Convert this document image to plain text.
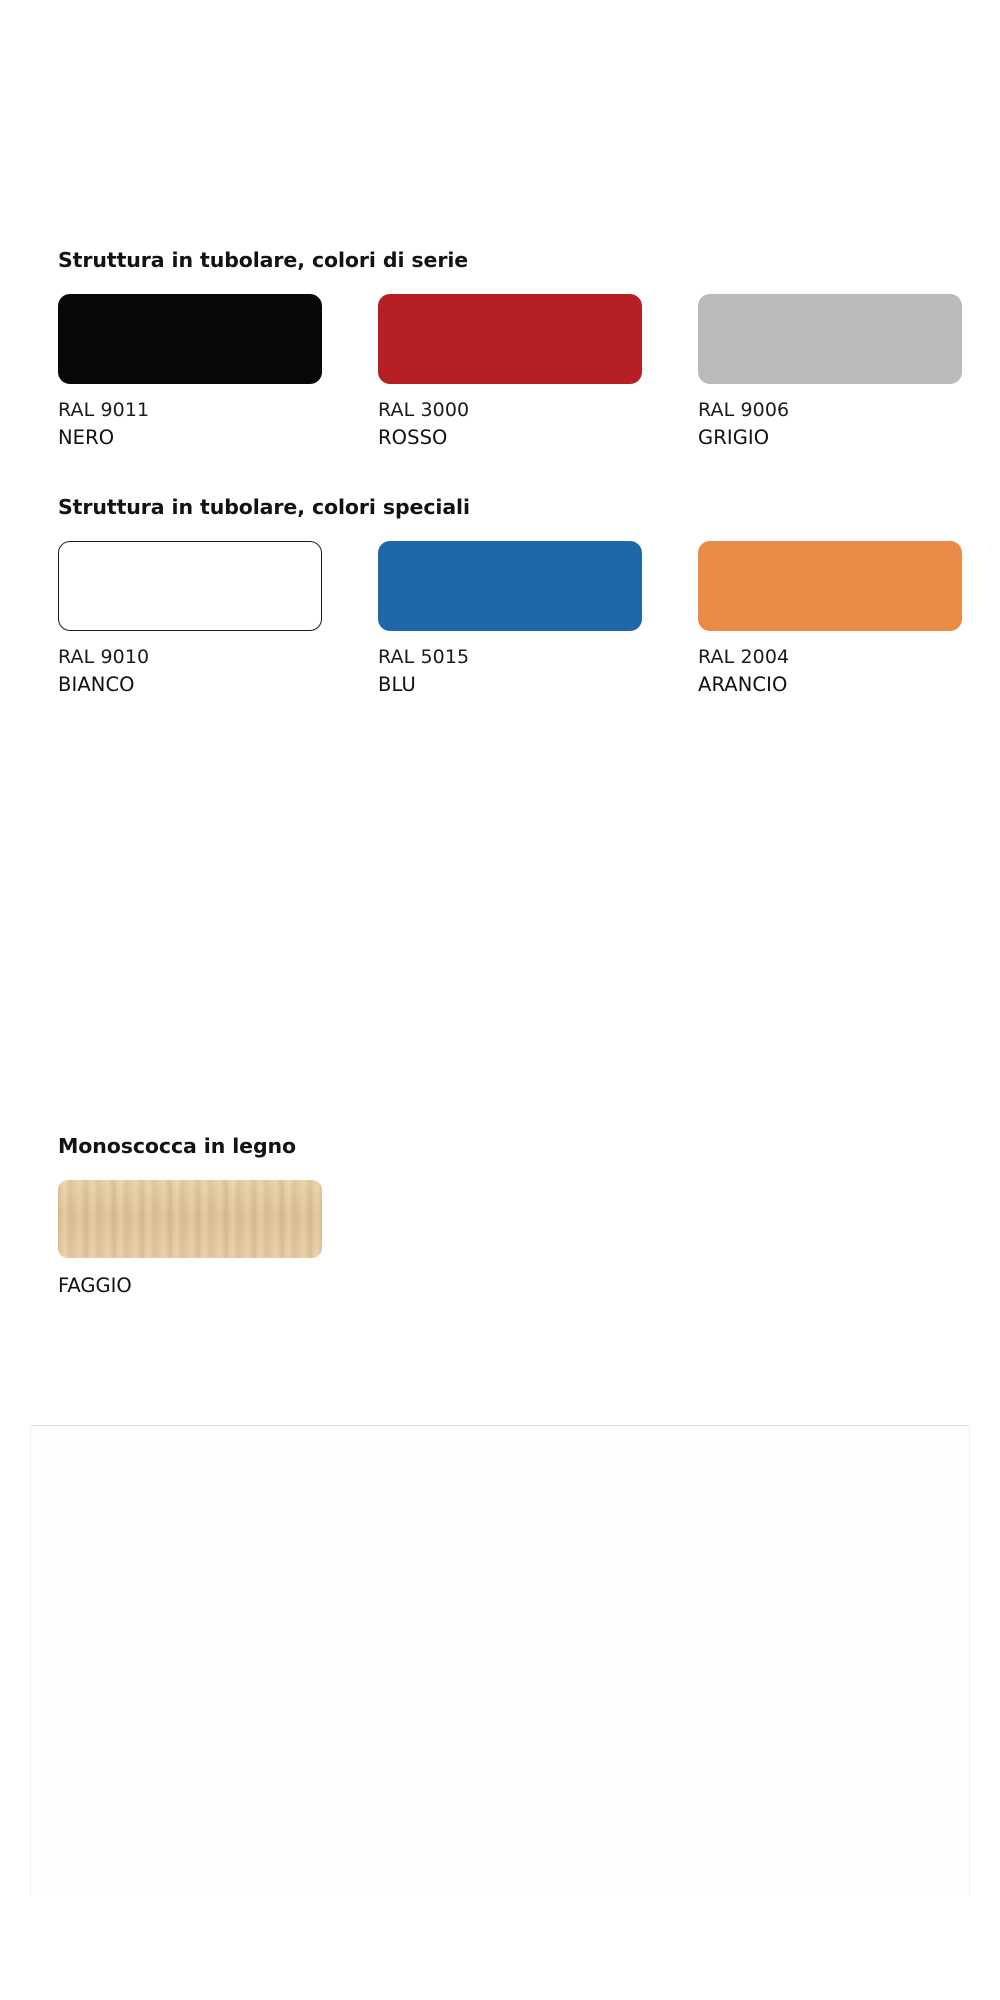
Struttura in tubolare, colori di serie
RAL 9011
NERO
RAL 3000
ROSSO
RAL 9006
GRIGIO
Struttura in tubolare, colori speciali
RAL 9010
BIANCO
RAL 5015
BLU
RAL 2004
ARANCIO
Monoscocca in legno
FAGGIO
